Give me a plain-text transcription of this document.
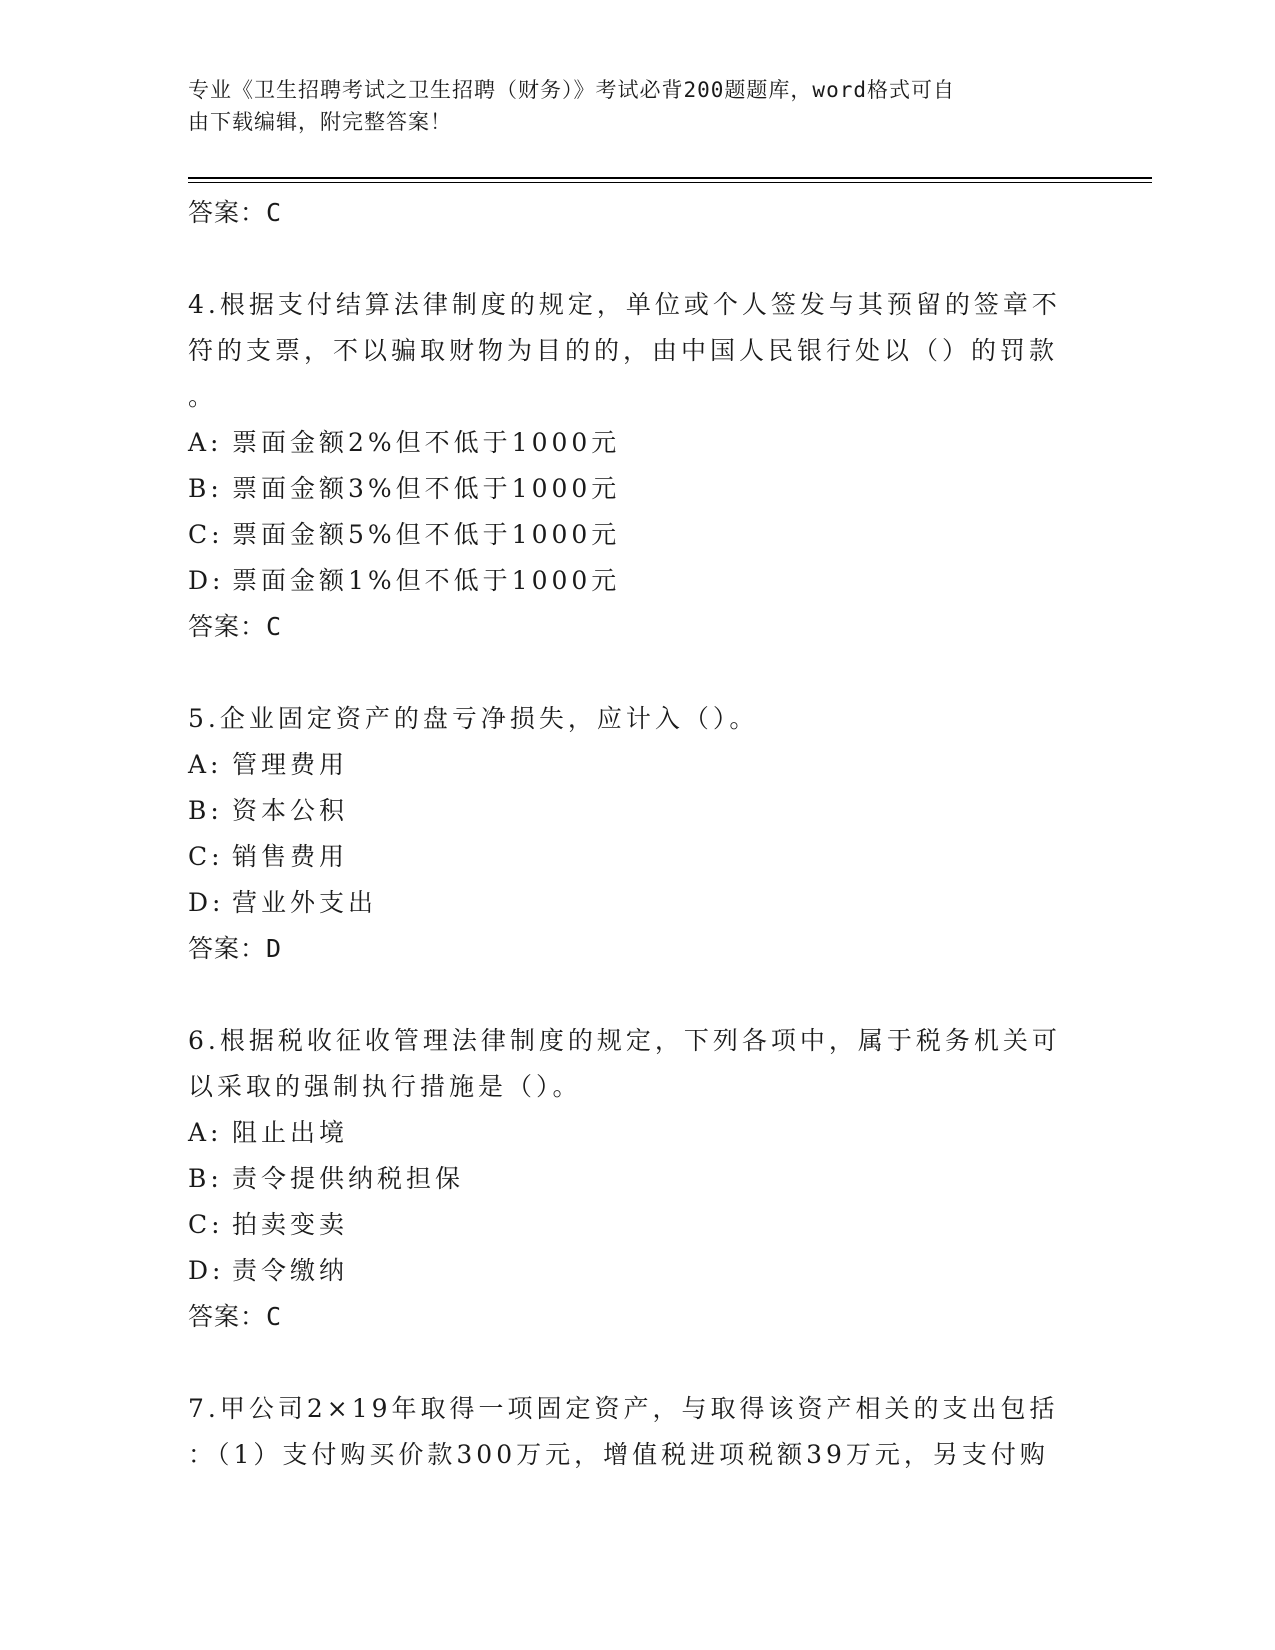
专业《卫生招聘考试之卫生招聘（财务）》考试必背200题题库，word格式可自
由下载编辑，附完整答案！
答案：C
4.根据支付结算法律制度的规定，单位或个人签发与其预留的签章不
符的支票，不以骗取财物为目的的，由中国人民银行处以（）的罚款
。
A: 票面金额2%但不低于1000元
B: 票面金额3%但不低于1000元
C: 票面金额5%但不低于1000元
D: 票面金额1%但不低于1000元
答案：C
5.企业固定资产的盘亏净损失，应计入（）。
A: 管理费用
B: 资本公积
C: 销售费用
D: 营业外支出
答案：D
6.根据税收征收管理法律制度的规定，下列各项中，属于税务机关可
以采取的强制执行措施是（）。
A: 阻止出境
B: 责令提供纳税担保
C: 拍卖变卖
D: 责令缴纳
答案：C
7.甲公司2×19年取得一项固定资产，与取得该资产相关的支出包括
：（1）支付购买价款300万元，增值税进项税额39万元，另支付购
